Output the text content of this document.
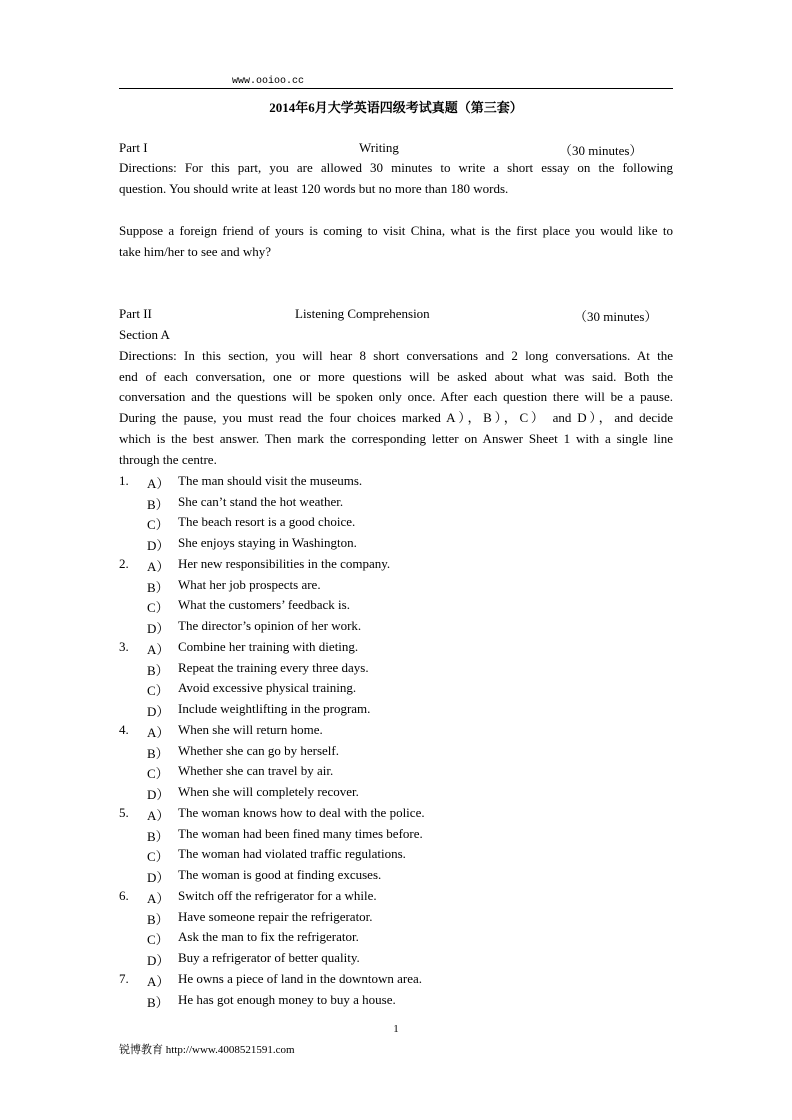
www.ooioo.cc
2014年6月大学英语四级考试真题（第三套）
Part I	Writing	（30 minutes）
Directions: For this part, you are allowed 30 minutes to write a short essay on the following
question. You should write at least 120 words but no more than 180 words.
Suppose a foreign friend of yours is coming to visit China, what is the first place you would like to
take him/her to see and why?
Part II	Listening Comprehension	（30 minutes）
Section A
Directions: In this section, you will hear 8 short conversations and 2 long conversations. At the
end of each conversation, one or more questions will be asked about what was said. Both the
conversation and the questions will be spoken only once. After each question there will be a pause.
During the pause, you must read the four choices marked A），B），C） and D），and decide
which is the best answer. Then mark the corresponding letter on Answer Sheet 1 with a single line
through the centre.
1. A） The man should visit the museums.
B） She can’t stand the hot weather.
C） The beach resort is a good choice.
D） She enjoys staying in Washington.
2. A） Her new responsibilities in the company.
B） What her job prospects are.
C） What the customers’ feedback is.
D） The director’s opinion of her work.
3. A） Combine her training with dieting.
B） Repeat the training every three days.
C） Avoid excessive physical training.
D） Include weightlifting in the program.
4. A） When she will return home.
B） Whether she can go by herself.
C） Whether she can travel by air.
D） When she will completely recover.
5. A） The woman knows how to deal with the police.
B） The woman had been fined many times before.
C） The woman had violated traffic regulations.
D） The woman is good at finding excuses.
6. A） Switch off the refrigerator for a while.
B） Have someone repair the refrigerator.
C） Ask the man to fix the refrigerator.
D） Buy a refrigerator of better quality.
7. A） He owns a piece of land in the downtown area.
B） He has got enough money to buy a house.
1
锐博教育 http://www.4008521591.com
